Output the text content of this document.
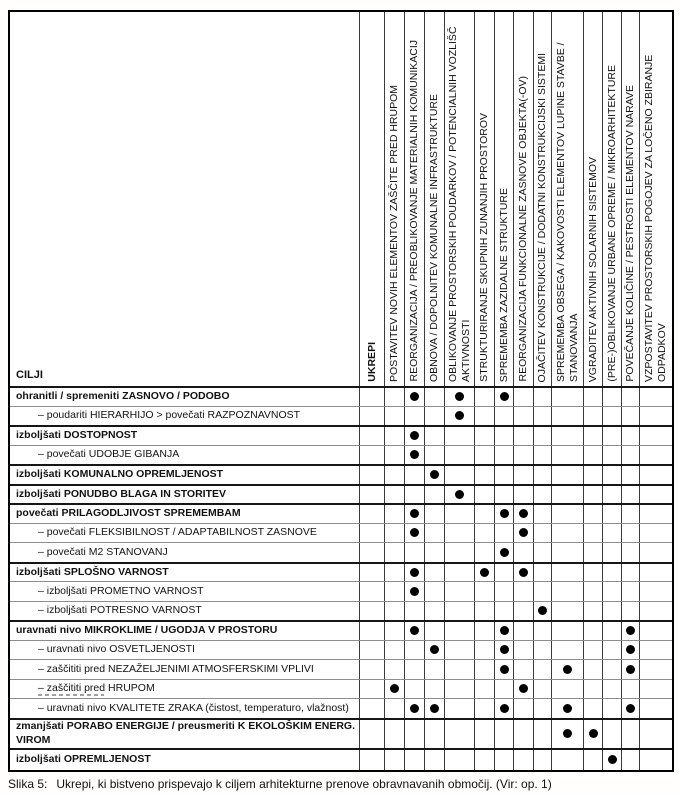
CILJI	UKREPI POSTAVITEV NOVIH ELEMENTOV ZAŠČITE PRED HRUPOM REORGANIZACIJA / PREOBLIKOVANJE MATERIALNIH KOMUNIKACIJ OBNOVA / DOPOLNITEV KOMUNALNE INFRASTRUKTURE OBLIKOVANJE PROSTORSKIH POUDARKOV / POTENCIALNIH VOZLIŠČ AKTIVNOSTI STRUKTURIRANJE SKUPNIH ZUNANJIH PROSTOROV SPREMEMBA ZAZIDALNE STRUKTURE REORGANIZACIJA FUNKCIONALNE ZASNOVE OBJEKTA(-OV) OJAČITEV KONSTRUKCIJE / DODATNI KONSTRUKCIJSKI SISTEMI SPREMEMBA OBSEGA / KAKOVOSTI ELEMENTOV LUPINE STAVBE / STANOVANJA VGRADITEV AKTIVNIH SOLARNIH SISTEMOV (PRE-)OBLIKOVANJE URBANE OPREME / MIKROARHITEKTURE POVEČANJE KOLIČINE / PESTROSTI ELEMENTOV NARAVE VZPOSTAVITEV PROSTORSKIH POGOJEV ZA LOČENO ZBIRANJE ODPADKOV
ohranitli / spremeniti ZASNOVO / PODOBO
– poudariti HIERARHIJO > povečati RAZPOZNAVNOST
izboljšati DOSTOPNOST
– povečati UDOBJE GIBANJA
izboljšati KOMUNALNO OPREMLJENOST
izboljšati PONUDBO BLAGA IN STORITEV
povečati PRILAGODLJIVOST SPREMEMBAM
– povečati FLEKSIBILNOST / ADAPTABILNOST ZASNOVE
– povečati M2 STANOVANJ
izboljšati SPLOŠNO VARNOST
– izboljšati PROMETNO VARNOST
– izboljšati POTRESNO VARNOST
uravnati nivo MIKROKLIME / UGODJA V PROSTORU
– uravnati nivo OSVETLJENOSTI
– zaščititi pred NEZAŽELJENIMI ATMOSFERSKIMI VPLIVI
– zaščititi pred HRUPOM
– uravnati nivo KVALITETE ZRAKA (čistost, temperaturo, vlažnost)
zmanjšati PORABO ENERGIJE / preusmeriti K EKOLOŠKIM ENERG. VIROM
izboljšati OPREMLJENOST
Slika 5: Ukrepi, ki bistveno prispevajo k ciljem arhitekturne prenove obravnavanih območij. (Vir: op. 1)
